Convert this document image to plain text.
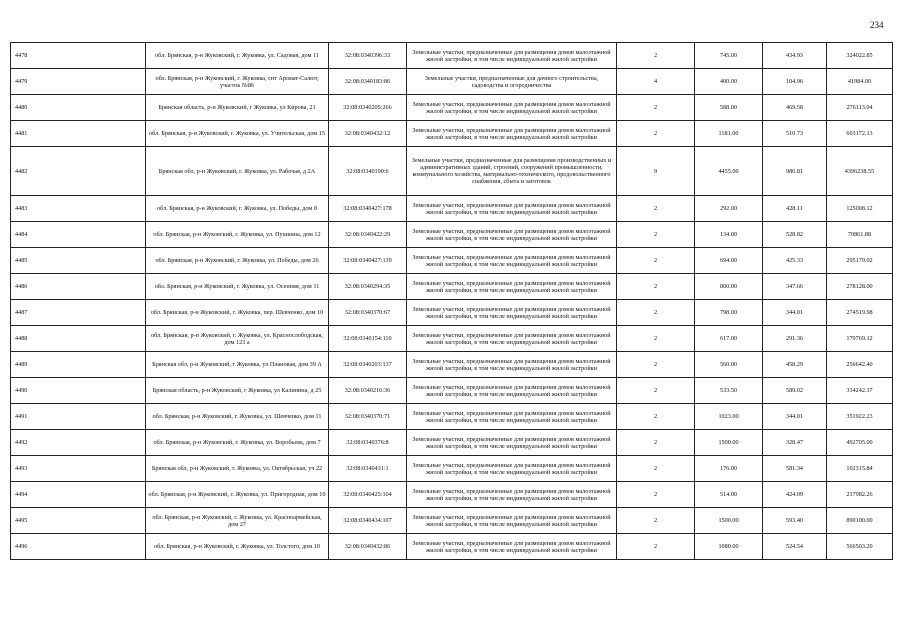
234
4478	обл. Брянская, р-н Жуковский, г. Жуковка, ул. Садовая, дом 11	32:08:0340396:33	Земельные участки, предназначенные для размещения домов малоэтажной жилой застройки, в том числе индивидуальной жилой застройки	2	745.00	434.93	324022.85
4479	обл. Брянская, р-н Жуковский, г. Жуковка, снт Аромат-Салют, участок №86	32:08:0340183:86	Земельные участки, предназначенные для дачного строительства, садоводства и огородничества	4	400.00	104.96	41984.00
4480	Брянская область, р-н Жуковский, г Жуковка, ул Кирова, 21	32:08:0340205:266	Земельные участки, предназначенные для размещения домов малоэтажной жилой застройки, в том числе индивидуальной жилой застройки	2	588.00	469.58	276113.04
4481	обл. Брянская, р-н Жуковский, г. Жуковка, ул. Учительская, дом 15	32:08:0340432:12	Земельные участки, предназначенные для размещения домов малоэтажной жилой застройки, в том числе индивидуальной жилой застройки	2	1181.00	510.73	603172.13
4482	Брянская обл, р-н Жуковский, г. Жуковка, ул. Рабочая, д 2А	32:08:0340190:6	Земельные участки, предназначенные для размещения производственных и административных зданий, строений, сооружений промышленности, коммунального хозяйства, материально-технического, продовольственного снабжения, сбыта и заготовок	9	4455.00	986.81	4396238.55
4483	обл. Брянская, р-н Жуковский, г. Жуковка, ул. Победы, дом 8	32:08:0340427:178	Земельные участки, предназначенные для размещения домов малоэтажной жилой застройки, в том числе индивидуальной жилой застройки	2	292.00	428.11	125008.12
4484	обл. Брянская, р-н Жуковский, г. Жуковка, ул. Пушкина, дом 12	32:08:0340422:29	Земельные участки, предназначенные для размещения домов малоэтажной жилой застройки, в том числе индивидуальной жилой застройки	2	134.00	528.82	70861.88
4485	обл. Брянская, р-н Жуковский, г. Жуковка, ул. Победы, дом 26	32:08:0340427:139	Земельные участки, предназначенные для размещения домов малоэтажной жилой застройки, в том числе индивидуальной жилой застройки	2	694.00	425.33	295179.02
4486	обл. Брянская, р-н Жуковский, г. Жуковка, ул. Осенняя, дом 11	32:08:0340294:35	Земельные участки, предназначенные для размещения домов малоэтажной жилой застройки, в том числе индивидуальной жилой застройки	2	800.00	347.66	278128.00
4487	обл. Брянская, р-н Жуковский, г. Жуковка, пер. Шевченко, дом 10	32:08:0340370:67	Земельные участки, предназначенные для размещения домов малоэтажной жилой застройки, в том числе индивидуальной жилой застройки	2	798.00	344.01	274519.98
4488	обл. Брянская, р-н Жуковский, г. Жуковка, ул. Краснослободская, дом 123 а	32:08:0340154:110	Земельные участки, предназначенные для размещения домов малоэтажной жилой застройки, в том числе индивидуальной жилой застройки	2	617.00	291.36	179769.12
4489	Брянская обл, р-н Жуковский, г Жуковка, ул Плановая, дом 39 А	32:08:0340203:137	Земельные участки, предназначенные для размещения домов малоэтажной жилой застройки, в том числе индивидуальной жилой застройки	2	560.00	458.29	256642.40
4490	Брянская область, р-н Жуковский, г Жуковка, ул Калинина, д 25	32:08:0340216:36	Земельные участки, предназначенные для размещения домов малоэтажной жилой застройки, в том числе индивидуальной жилой застройки	2	533.50	589.02	314242.17
4491	обл. Брянская, р-н Жуковский, г. Жуковка, ул. Шевченко, дом 11	32:08:0340370:71	Земельные участки, предназначенные для размещения домов малоэтажной жилой застройки, в том числе индивидуальной жилой застройки	2	1023.00	344.01	351922.23
4492	обл. Брянская, р-н Жуковский, г. Жуковка, ул. Воробьева, дом 7	32:08:0340376:8	Земельные участки, предназначенные для размещения домов малоэтажной жилой застройки, в том числе индивидуальной жилой застройки	2	1500.00	328.47	492705.00
4493	Брянская обл, р-н Жуковский, г. Жуковка, ул. Октябрьская, уч 22	32:08:0340431:1	Земельные участки, предназначенные для размещения домов малоэтажной жилой застройки, в том числе индивидуальной жилой застройки	2	176.00	581.34	102315.84
4494	обл. Брянская, р-н Жуковский, г. Жуковка, ул. Пригородная, дом 10	32:08:0340425:104	Земельные участки, предназначенные для размещения домов малоэтажной жилой застройки, в том числе индивидуальной жилой застройки	2	514.00	424.09	217982.26
4495	обл. Брянская, р-н Жуковский, г. Жуковка, ул. Красноармейская, дом 27	32:08:0340434:107	Земельные участки, предназначенные для размещения домов малоэтажной жилой застройки, в том числе индивидуальной жилой застройки	2	1500.00	593.40	890100.00
4496	обл. Брянская, р-н Жуковский, г. Жуковка, ул. Толстого, дом 10	32:08:0340432:86	Земельные участки, предназначенные для размещения домов малоэтажной жилой застройки, в том числе индивидуальной жилой застройки	2	1080.00	524.54	566503.20
